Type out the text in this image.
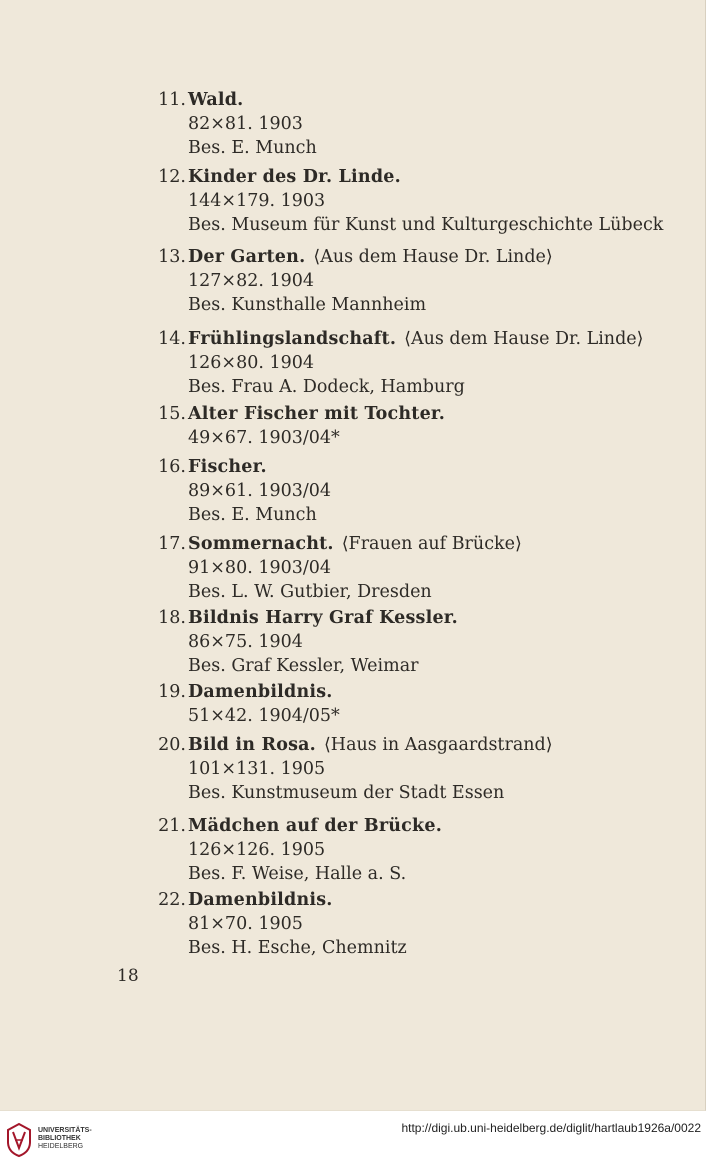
11. Wald.
82×81. 1903
Bes. E. Munch
12. Kinder des Dr. Linde.
144×179. 1903
Bes. Museum für Kunst und Kulturgeschichte Lübeck
13. Der Garten. ⟨Aus dem Hause Dr. Linde⟩
127×82. 1904
Bes. Kunsthalle Mannheim
14. Frühlingslandschaft. ⟨Aus dem Hause Dr. Linde⟩
126×80. 1904
Bes. Frau A. Dodeck, Hamburg
15. Alter Fischer mit Tochter.
49×67. 1903/04*
16. Fischer.
89×61. 1903/04
Bes. E. Munch
17. Sommernacht. ⟨Frauen auf Brücke⟩
91×80. 1903/04
Bes. L. W. Gutbier, Dresden
18. Bildnis Harry Graf Kessler.
86×75. 1904
Bes. Graf Kessler, Weimar
19. Damenbildnis.
51×42. 1904/05*
20. Bild in Rosa. ⟨Haus in Aasgaardstrand⟩
101×131. 1905
Bes. Kunstmuseum der Stadt Essen
21. Mädchen auf der Brücke.
126×126. 1905
Bes. F. Weise, Halle a. S.
22. Damenbildnis.
81×70. 1905
Bes. H. Esche, Chemnitz
18
UNIVERSITÄTS-
BIBLIOTHEK
HEIDELBERG
http://digi.ub.uni-heidelberg.de/diglit/hartlaub1926a/0022
